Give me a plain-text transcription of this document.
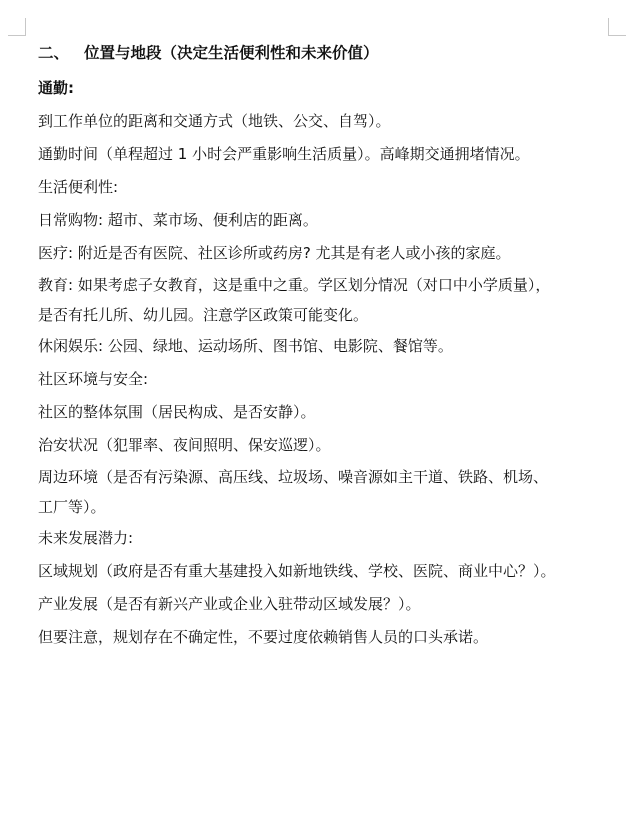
二、 位置与地段（决定生活便利性和未来价值）
通勤:
到工作单位的距离和交通方式（地铁、公交、自驾）。
通勤时间（单程超过 1 小时会严重影响生活质量）。高峰期交通拥堵情况。
生活便利性:
日常购物: 超市、菜市场、便利店的距离。
医疗: 附近是否有医院、社区诊所或药房? 尤其是有老人或小孩的家庭。
教育: 如果考虑子女教育，这是重中之重。学区划分情况（对口中小学质量），
是否有托儿所、幼儿园。注意学区政策可能变化。
休闲娱乐: 公园、绿地、运动场所、图书馆、电影院、餐馆等。
社区环境与安全:
社区的整体氛围（居民构成、是否安静）。
治安状况（犯罪率、夜间照明、保安巡逻）。
周边环境（是否有污染源、高压线、垃圾场、噪音源如主干道、铁路、机场、
工厂等）。
未来发展潜力:
区域规划（政府是否有重大基建投入如新地铁线、学校、医院、商业中心？）。
产业发展（是否有新兴产业或企业入驻带动区域发展？）。
但要注意，规划存在不确定性，不要过度依赖销售人员的口头承诺。
